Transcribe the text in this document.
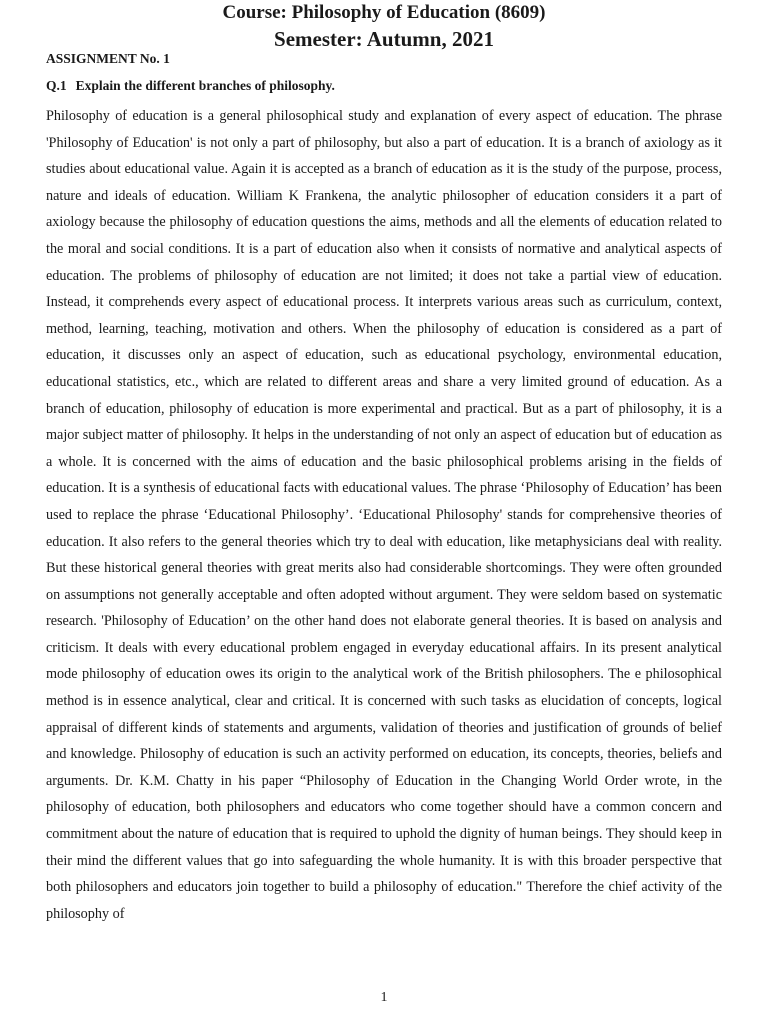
Course: Philosophy of Education (8609)
Semester: Autumn, 2021
ASSIGNMENT No. 1

Q.1 Explain the different branches of philosophy.

Philosophy of education is a general philosophical study and explanation of every aspect of education. The phrase 'Philosophy of Education' is not only a part of philosophy, but also a part of education. It is a branch of axiology as it studies about educational value. Again it is accepted as a branch of education as it is the study of the purpose, process, nature and ideals of education. William K Frankena, the analytic philosopher of education considers it a part of axiology because the philosophy of education questions the aims, methods and all the elements of education related to the moral and social conditions. It is a part of education also when it consists of normative and analytical aspects of education. The problems of philosophy of education are not limited; it does not take a partial view of education. Instead, it comprehends every aspect of educational process. It interprets various areas such as curriculum, context, method, learning, teaching, motivation and others. When the philosophy of education is considered as a part of education, it discusses only an aspect of education, such as educational psychology, environmental education, educational statistics, etc., which are related to different areas and share a very limited ground of education. As a branch of education, philosophy of education is more experimental and practical. But as a part of philosophy, it is a major subject matter of philosophy. It helps in the understanding of not only an aspect of education but of education as a whole. It is concerned with the aims of education and the basic philosophical problems arising in the fields of education. It is a synthesis of educational facts with educational values. The phrase ‘Philosophy of Education’ has been used to replace the phrase ‘Educational Philosophy’. ‘Educational Philosophy' stands for comprehensive theories of education. It also refers to the general theories which try to deal with education, like metaphysicians deal with reality. But these historical general theories with great merits also had considerable shortcomings. They were often grounded on assumptions not generally acceptable and often adopted without argument. They were seldom based on systematic research. 'Philosophy of Education’ on the other hand does not elaborate general theories. It is based on analysis and criticism. It deals with every educational problem engaged in everyday educational affairs. In its present analytical mode philosophy of education owes its origin to the analytical work of the British philosophers. The e philosophical method is in essence analytical, clear and critical. It is concerned with such tasks as elucidation of concepts, logical appraisal of different kinds of statements and arguments, validation of theories and justification of grounds of belief and knowledge. Philosophy of education is such an activity performed on education, its concepts, theories, beliefs and arguments. Dr. K.M. Chatty in his paper “Philosophy of Education in the Changing World Order wrote, in the philosophy of education, both philosophers and educators who come together should have a common concern and commitment about the nature of education that is required to uphold the dignity of human beings. They should keep in their mind the different values that go into safeguarding the whole humanity. It is with this broader perspective that both philosophers and educators join together to build a philosophy of education." Therefore the chief activity of the philosophy of

1
